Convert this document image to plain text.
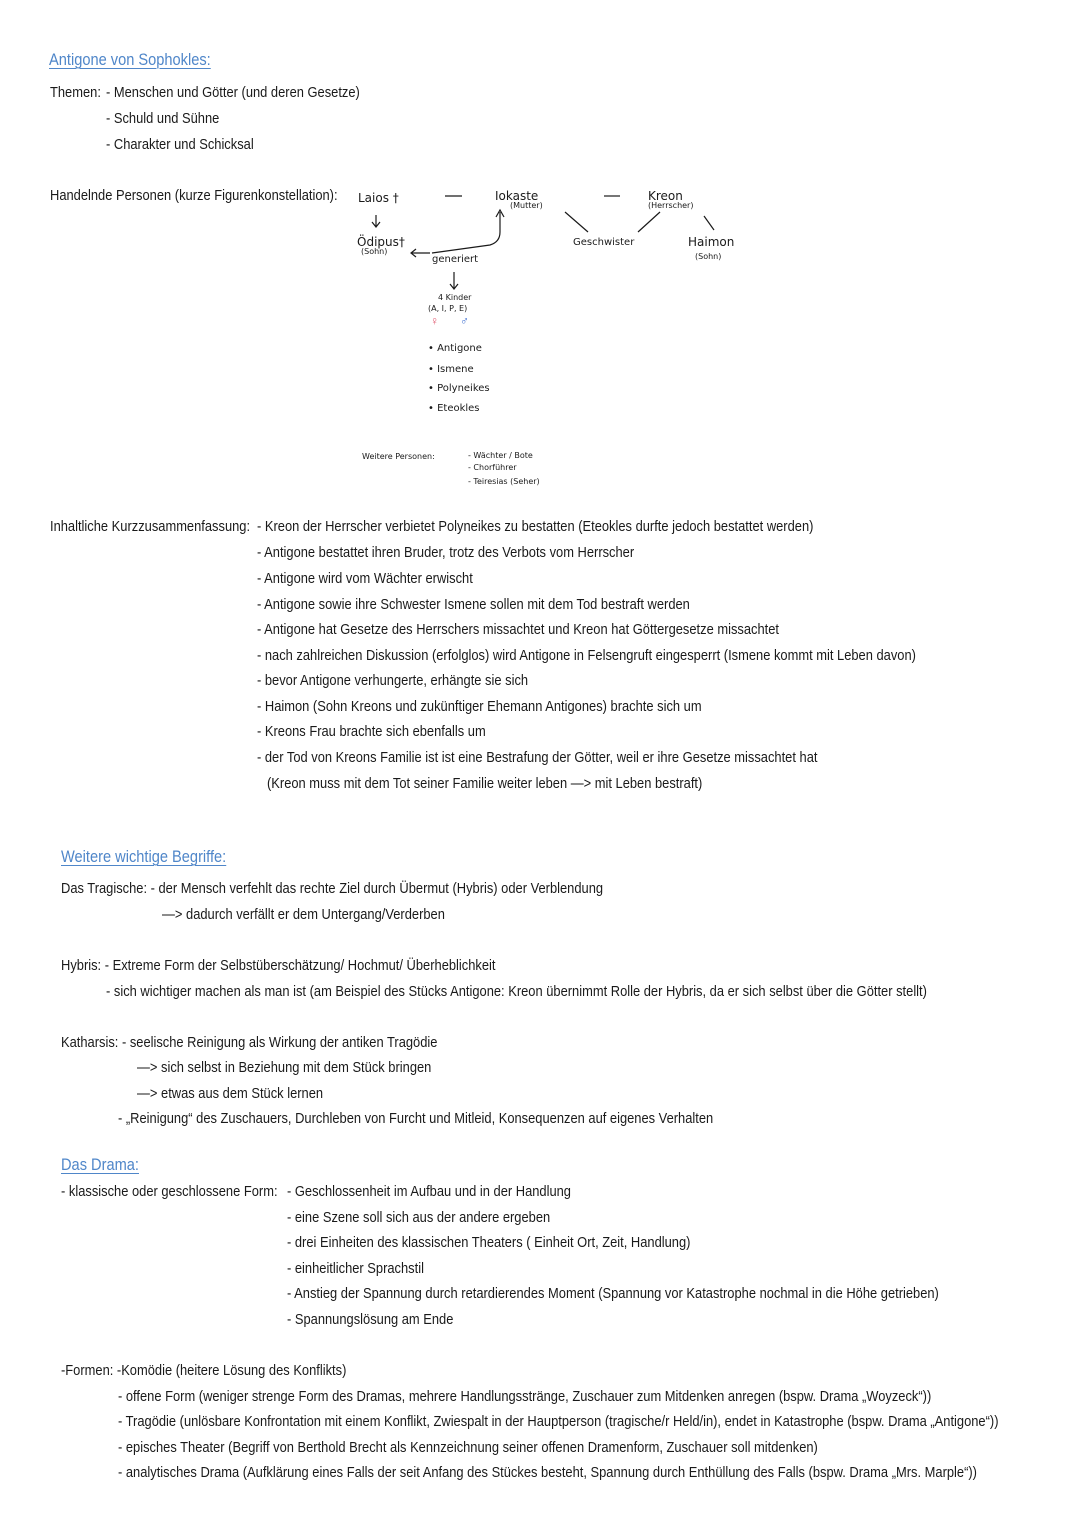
Antigone von Sophokles:
Themen: - Menschen und Götter (und deren Gesetze)
- Schuld und Sühne
- Charakter und Schicksal
Handelnde Personen (kurze Figurenkonstellation): Laios †	Iokaste
(Mutter)
Kreon
(Herrscher)
Ödipus†
(Sohn)
generiert
Geschwister	Haimon
(Sohn)
4 Kinder
(A, I, P, E)
♀ ♂
• Antigone
• Ismene
• Polyneikes
• Eteokles
Weitere Personen:	- Wächter / Bote
- Chorführer
- Teiresias (Seher)
Inhaltliche Kurzzusammenfassung: - Kreon der Herrscher verbietet Polyneikes zu bestatten (Eteokles durfte jedoch bestattet werden)
- Antigone bestattet ihren Bruder, trotz des Verbots vom Herrscher
- Antigone wird vom Wächter erwischt
- Antigone sowie ihre Schwester Ismene sollen mit dem Tod bestraft werden
- Antigone hat Gesetze des Herrschers missachtet und Kreon hat Göttergesetze missachtet
- nach zahlreichen Diskussion (erfolglos) wird Antigone in Felsengruft eingesperrt (Ismene kommt mit Leben davon)
- bevor Antigone verhungerte, erhängte sie sich
- Haimon (Sohn Kreons und zukünftiger Ehemann Antigones) brachte sich um
- Kreons Frau brachte sich ebenfalls um
- der Tod von Kreons Familie ist ist eine Bestrafung der Götter, weil er ihre Gesetze missachtet hat
(Kreon muss mit dem Tot seiner Familie weiter leben —> mit Leben bestraft)
Weitere wichtige Begriffe:
Das Tragische: - der Mensch verfehlt das rechte Ziel durch Übermut (Hybris) oder Verblendung
—> dadurch verfällt er dem Untergang/Verderben
Hybris: - Extreme Form der Selbstüberschätzung/ Hochmut/ Überheblichkeit
- sich wichtiger machen als man ist (am Beispiel des Stücks Antigone: Kreon übernimmt Rolle der Hybris, da er sich selbst über die Götter stellt)
Katharsis: - seelische Reinigung als Wirkung der antiken Tragödie
—> sich selbst in Beziehung mit dem Stück bringen
—> etwas aus dem Stück lernen
- „Reinigung“ des Zuschauers, Durchleben von Furcht und Mitleid, Konsequenzen auf eigenes Verhalten
Das Drama:
- klassische oder geschlossene Form: - Geschlossenheit im Aufbau und in der Handlung
- eine Szene soll sich aus der andere ergeben
- drei Einheiten des klassischen Theaters ( Einheit Ort, Zeit, Handlung)
- einheitlicher Sprachstil
- Anstieg der Spannung durch retardierendes Moment (Spannung vor Katastrophe nochmal in die Höhe getrieben)
- Spannungslösung am Ende
-Formen: -Komödie (heitere Lösung des Konflikts)
- offene Form (weniger strenge Form des Dramas, mehrere Handlungsstränge, Zuschauer zum Mitdenken anregen (bspw. Drama „Woyzeck“))
- Tragödie (unlösbare Konfrontation mit einem Konflikt, Zwiespalt in der Hauptperson (tragische/r Held/in), endet in Katastrophe (bspw. Drama „Antigone“))
- episches Theater (Begriff von Berthold Brecht als Kennzeichnung seiner offenen Dramenform, Zuschauer soll mitdenken)
- analytisches Drama (Aufklärung eines Falls der seit Anfang des Stückes besteht, Spannung durch Enthüllung des Falls (bspw. Drama „Mrs. Marple“))
